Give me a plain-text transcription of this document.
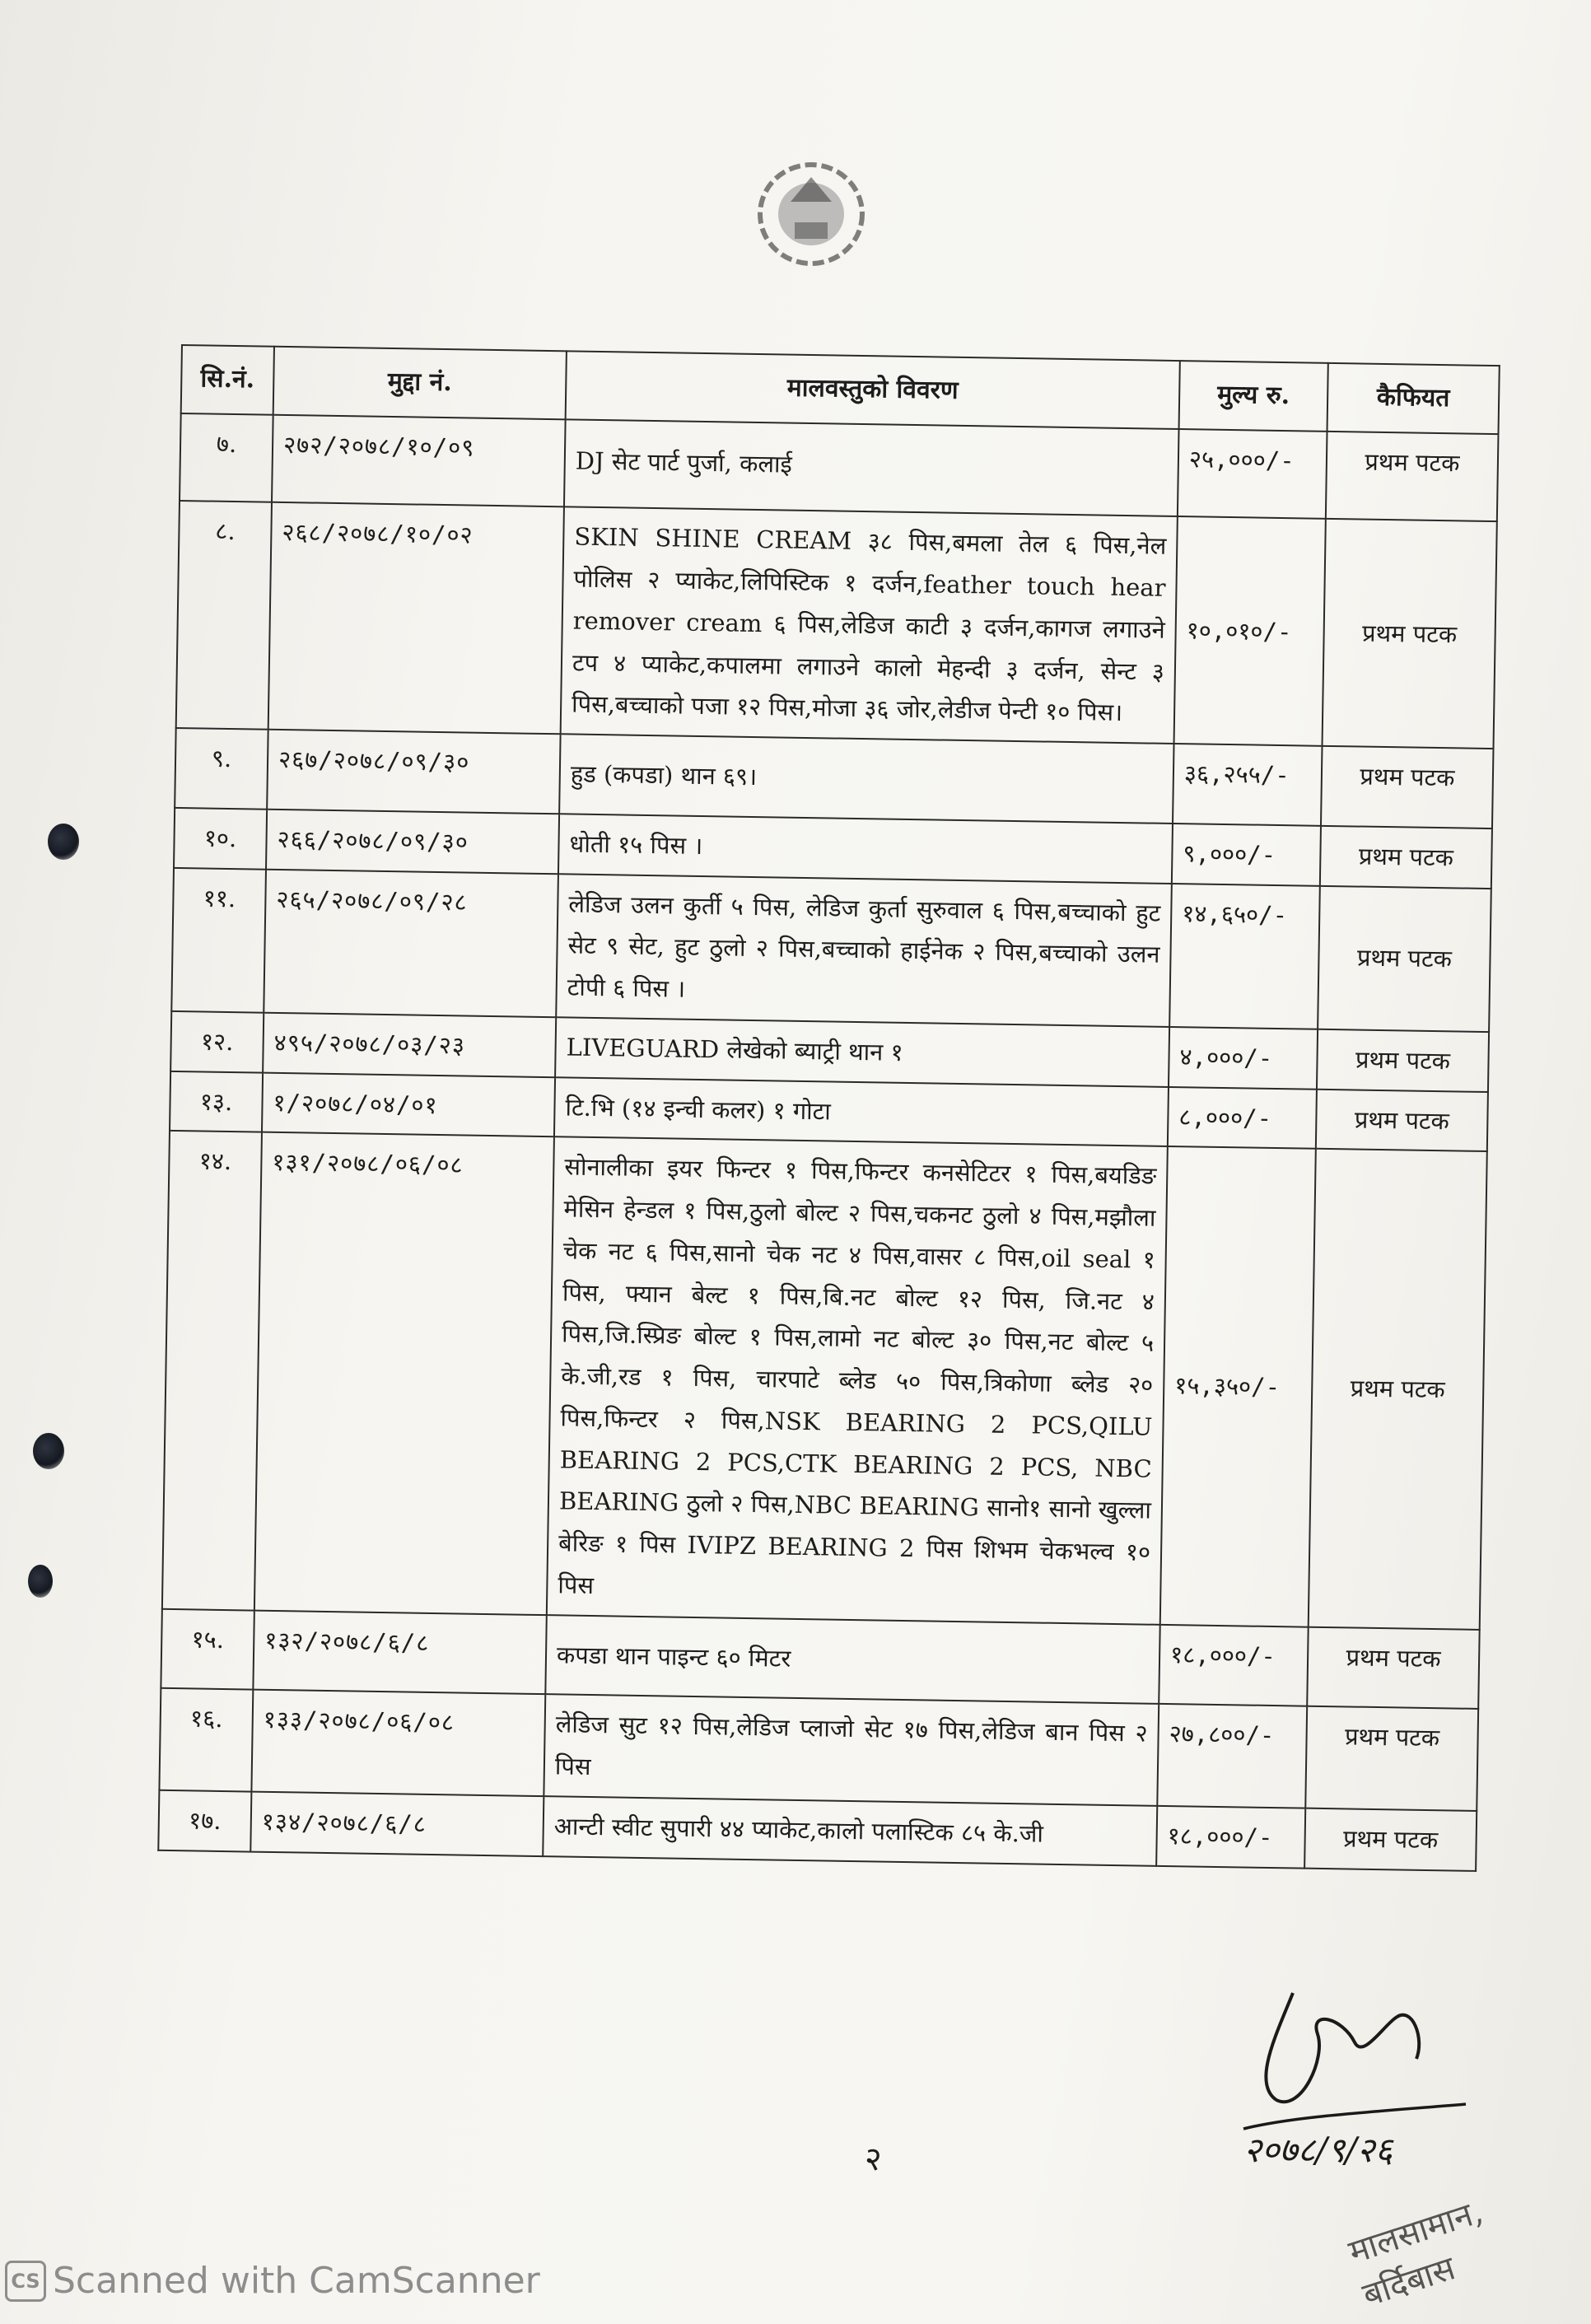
सि.नं.	मुद्दा नं.	मालवस्तुको विवरण	मुल्य रु.	कैफियत
७.	२७२/२०७८/१०/०९	DJ सेट पार्ट पुर्जा, कलाई	२५,०००/-	प्रथम पटक
८.	२६८/२०७८/१०/०२	SKIN SHINE CREAM ३८ पिस,बमला तेल ६ पिस,नेल पोलिस २ प्याकेट,लिपिस्टिक १ दर्जन,feather touch hear remover cream ६ पिस,लेडिज काटी ३ दर्जन,कागज लगाउने टप ४ प्याकेट,कपालमा लगाउने कालो मेहन्दी ३ दर्जन, सेन्ट ३ पिस,बच्चाको पजा १२ पिस,मोजा ३६ जोर,लेडीज पेन्टी १० पिस।	१०,०१०/-	प्रथम पटक
९.	२६७/२०७८/०९/३०	हुड (कपडा) थान ६९।	३६,२५५/-	प्रथम पटक
१०.	२६६/२०७८/०९/३०	धोती १५ पिस ।	९,०००/-	प्रथम पटक
११.	२६५/२०७८/०९/२८	लेडिज उलन कुर्ती ५ पिस, लेडिज कुर्ता सुरुवाल ६ पिस,बच्चाको हुट सेट ९ सेट, हुट ठुलो २ पिस,बच्चाको हाईनेक २ पिस,बच्चाको उलन टोपी ६ पिस ।	१४,६५०/-	प्रथम पटक
१२.	४९५/२०७८/०३/२३	LIVEGUARD लेखेको ब्याट्री थान १	४,०००/-	प्रथम पटक
१३.	१/२०७८/०४/०१	टि.भि (१४ इन्ची कलर) १ गोटा	८,०००/-	प्रथम पटक
१४.	१३१/२०७८/०६/०८	सोनालीका इयर फिन्टर १ पिस,फिन्टर कनसेटिटर १ पिस,बयडिङ मेसिन हेन्डल १ पिस,ठुलो बोल्ट २ पिस,चकनट ठुलो ४ पिस,मझौला चेक नट ६ पिस,सानो चेक नट ४ पिस,वासर ८ पिस,oil seal १ पिस, फ्यान बेल्ट १ पिस,बि.नट बोल्ट १२ पिस, जि.नट ४ पिस,जि.स्प्रिङ बोल्ट १ पिस,लामो नट बोल्ट ३० पिस,नट बोल्ट ५ के.जी,रड १ पिस, चारपाटे ब्लेड ५० पिस,त्रिकोणा ब्लेड २० पिस,फिन्टर २ पिस,NSK BEARING 2 PCS,QILU BEARING 2 PCS,CTK BEARING 2 PCS, NBC BEARING ठुलो २ पिस,NBC BEARING सानो१ सानो खुल्ला बेरिङ १ पिस IVIPZ BEARING 2 पिस शिभम चेकभल्व १० पिस	१५,३५०/-	प्रथम पटक
१५.	१३२/२०७८/६/८	कपडा थान पाइन्ट ६० मिटर	१८,०००/-	प्रथम पटक
१६.	१३३/२०७८/०६/०८	लेडिज सुट १२ पिस,लेडिज प्लाजो सेट १७ पिस,लेडिज बान पिस २ पिस	२७,८००/-	प्रथम पटक
१७.	१३४/२०७८/६/८	आन्टी स्वीट सुपारी ४४ प्याकेट,कालो पलास्टिक ८५ के.जी	१८,०००/-	प्रथम पटक
२	२०७८/९/२६
मालसामान, बर्दिबास
CS Scanned with CamScanner
